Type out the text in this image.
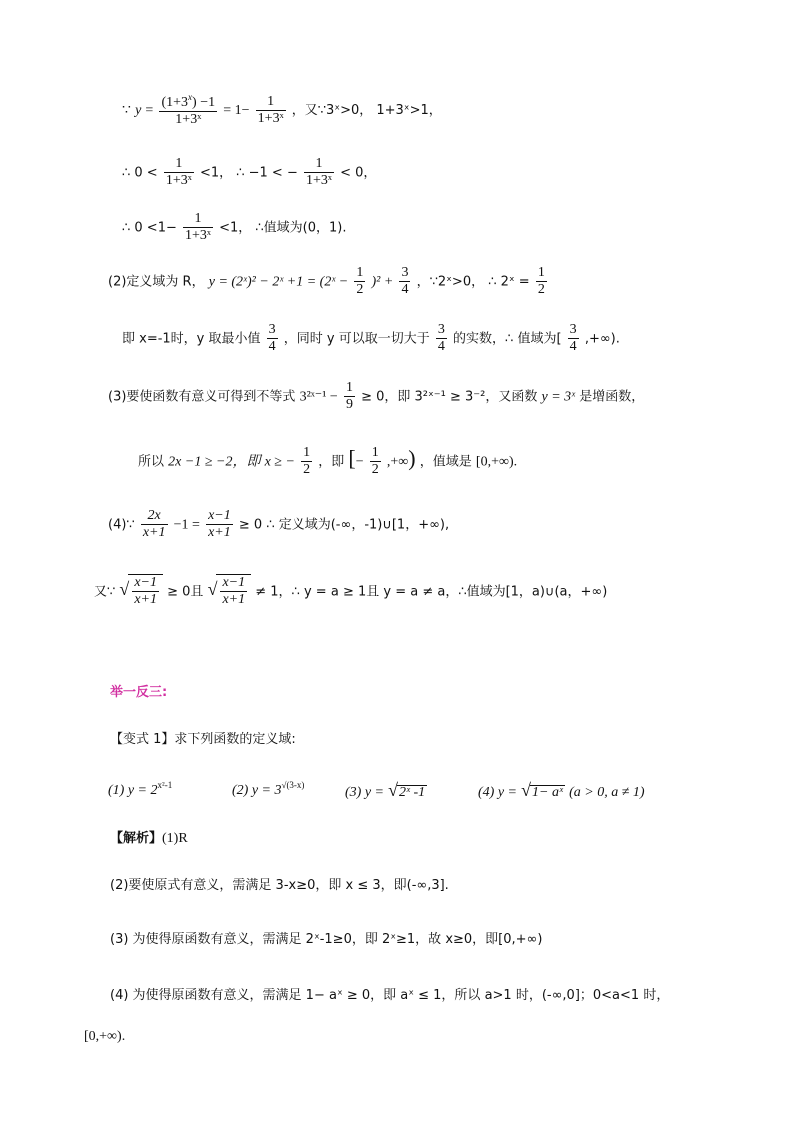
∵ $y = \frac{(1+3^x) -1}{\text{1+3ˣ}} = 1- \frac{1}{\text{1+3ˣ}}$ ，又∵3ˣ>0， 1+3ˣ>1，
∴ $0 < \frac{1}{\text{1+3ˣ}} <1$， ∴ −1 < − $\frac{1}{\text{1+3ˣ}} < 0$，
∴ $0 <1- \frac{1}{\text{1+3ˣ}} <1$， ∴值域为(0，1).
(2)定义域为 R， y = (2ˣ)² − 2ˣ +1 = (2ˣ − $\frac{1}{2} )^2 + \frac{3}{4}$ ，∵2ˣ>0， ∴ 2ˣ = $\frac{1}{2}$
即 x=-1时，y 取最小值 $\frac{3}{4}$ ，同时 y 可以取一切大于 $\frac{3}{4}$ 的实数，∴ 值域为[ $\frac{3}{4}$ ,+∞).
(3)要使函数有意义可得到不等式 3²ˣ⁻¹ − $\frac{1}{9} \ge 0$，即 3²ˣ⁻¹ ≥ 3⁻²，又函数 y = 3ˣ 是增函数，
所以 2x −1 ≥ −2，即 x ≥ − $\frac{1}{2}$ ，即 [− $\frac{1}{2}$ ,+∞) ，值域是 [0,+∞).
(4)∵ $\frac{2x}{x+1} -1 = \frac{x-1}{x+1} \ge 0$ ∴ 定义域为(-∞，-1)∪[1，+∞),
又∵ √ $\frac{x-1}{x+1} \ge 0$且 √ $\frac{x-1}{x+1} \ne 1$，∴ y = a ≥ 1且 y = a ≠ a，∴值域为[1，a)∪(a，+∞)
举一反三:
【变式 1】求下列函数的定义域:
(1) $y = 2^{x^2-1}$	(2) $y = 3^{√(3-x)}$	(3) y = √2ˣ -1	(4) y = √1− aˣ (a > 0, a ≠ 1)
【解析】(1)R
(2)要使原式有意义，需满足 3-x≥0，即 x ≤ 3，即(-∞,3].
(3) 为使得原函数有意义，需满足 2ˣ-1≥0，即 2ˣ≥1，故 x≥0，即[0,+∞)
(4) 为使得原函数有意义，需满足 1− aˣ ≥ 0，即 aˣ ≤ 1，所以 a>1 时，(-∞,0]；0<a<1 时，
[0,+∞).
